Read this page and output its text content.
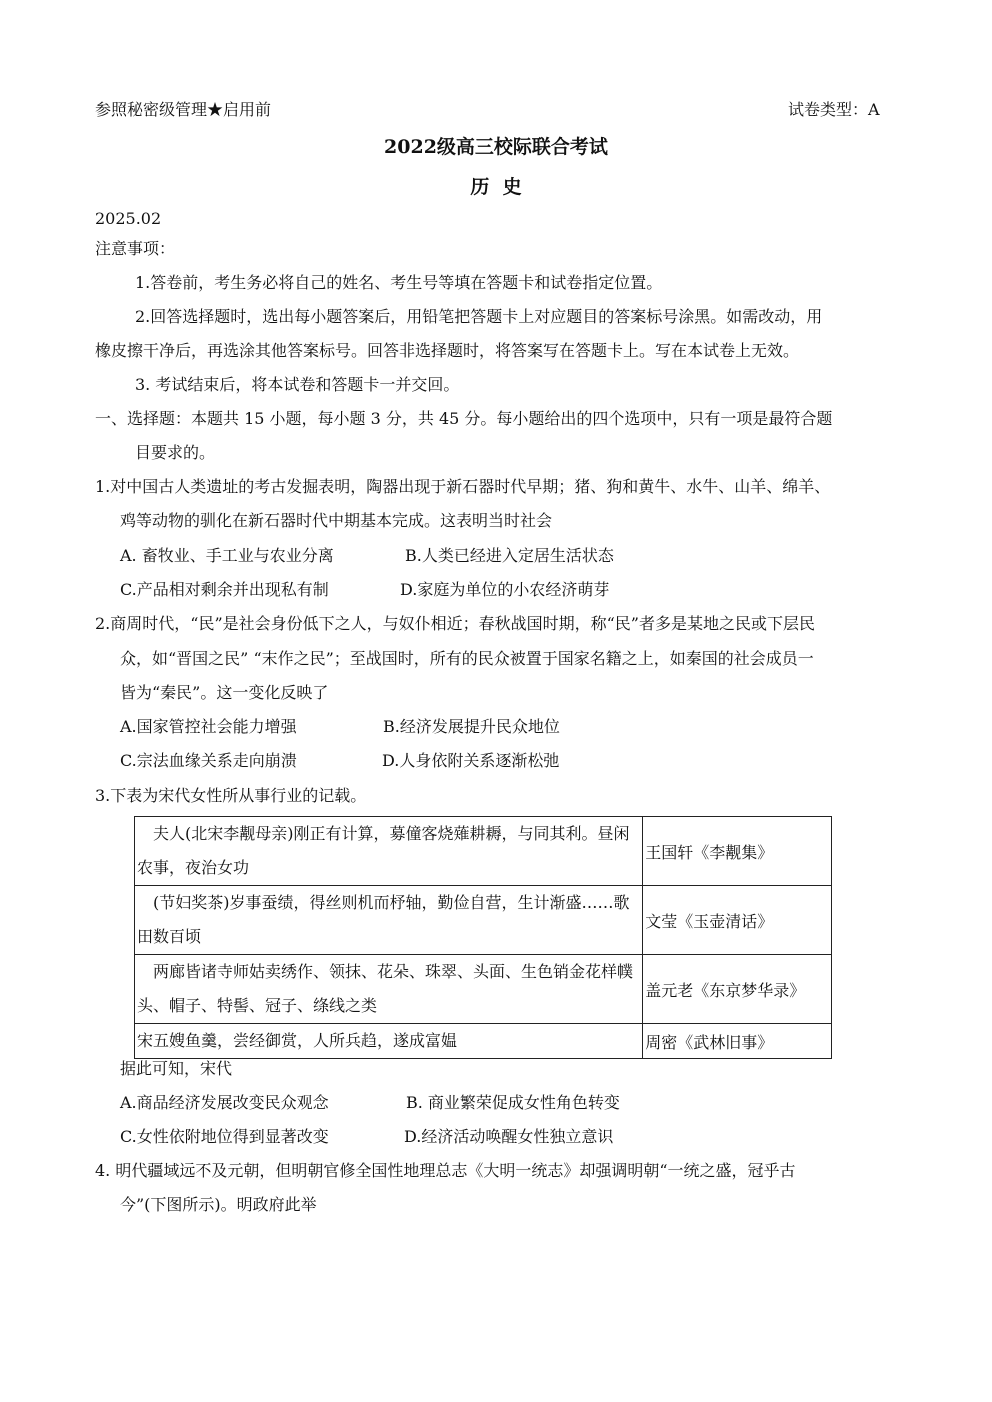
参照秘密级管理★启用前	试卷类型：A
2022级高三校际联合考试
历  史
2025.02
注意事项：
1.答卷前，考生务必将自己的姓名、考生号等填在答题卡和试卷指定位置。
2.回答选择题时，选出每小题答案后，用铅笔把答题卡上对应题目的答案标号涂黑。如需改动，用
橡皮擦干净后，再选涂其他答案标号。回答非选择题时，将答案写在答题卡上。写在本试卷上无效。
3. 考试结束后，将本试卷和答题卡一并交回。
一、选择题：本题共 15 小题，每小题 3 分，共 45 分。每小题给出的四个选项中，只有一项是最符合题
目要求的。
1.对中国古人类遗址的考古发掘表明，陶器出现于新石器时代早期；猪、狗和黄牛、水牛、山羊、绵羊、
鸡等动物的驯化在新石器时代中期基本完成。这表明当时社会
A. 畜牧业、手工业与农业分离	B.人类已经进入定居生活状态
C.产品相对剩余并出现私有制	D.家庭为单位的小农经济萌芽
2.商周时代，“民”是社会身份低下之人，与奴仆相近；春秋战国时期，称“民”者多是某地之民或下层民
众，如“晋国之民” “末作之民”；至战国时，所有的民众被置于国家名籍之上，如秦国的社会成员一
皆为“秦民”。这一变化反映了
A.国家管控社会能力增强	B.经济发展提升民众地位
C.宗法血缘关系走向崩溃	D.人身依附关系逐渐松弛
3.下表为宋代女性所从事行业的记载。
　夫人(北宋李觏母亲)刚正有计算，募僮客烧薙耕耨，与同其利。昼闲农事，夜治女功	王国轩《李觏集》
　(节妇奖茶)岁事蚕绩，得丝则机而杼轴，勤俭自营，生计渐盛……歌田数百顷	文莹《玉壶清话》
　两廊皆诸寺师姑卖绣作、领抹、花朵、珠翠、头面、生色销金花样幞头、帽子、特髻、冠子、绦线之类	盖元老《东京梦华录》
宋五嫂鱼羹，尝经御赏，人所兵趋，遂成富媪	周密《武林旧事》
据此可知，宋代
A.商品经济发展改变民众观念	B. 商业繁荣促成女性角色转变
C.女性依附地位得到显著改变	D.经济活动唤醒女性独立意识
4. 明代疆域远不及元朝，但明朝官修全国性地理总志《大明一统志》却强调明朝“一统之盛，冠乎古
今”(下图所示)。明政府此举
